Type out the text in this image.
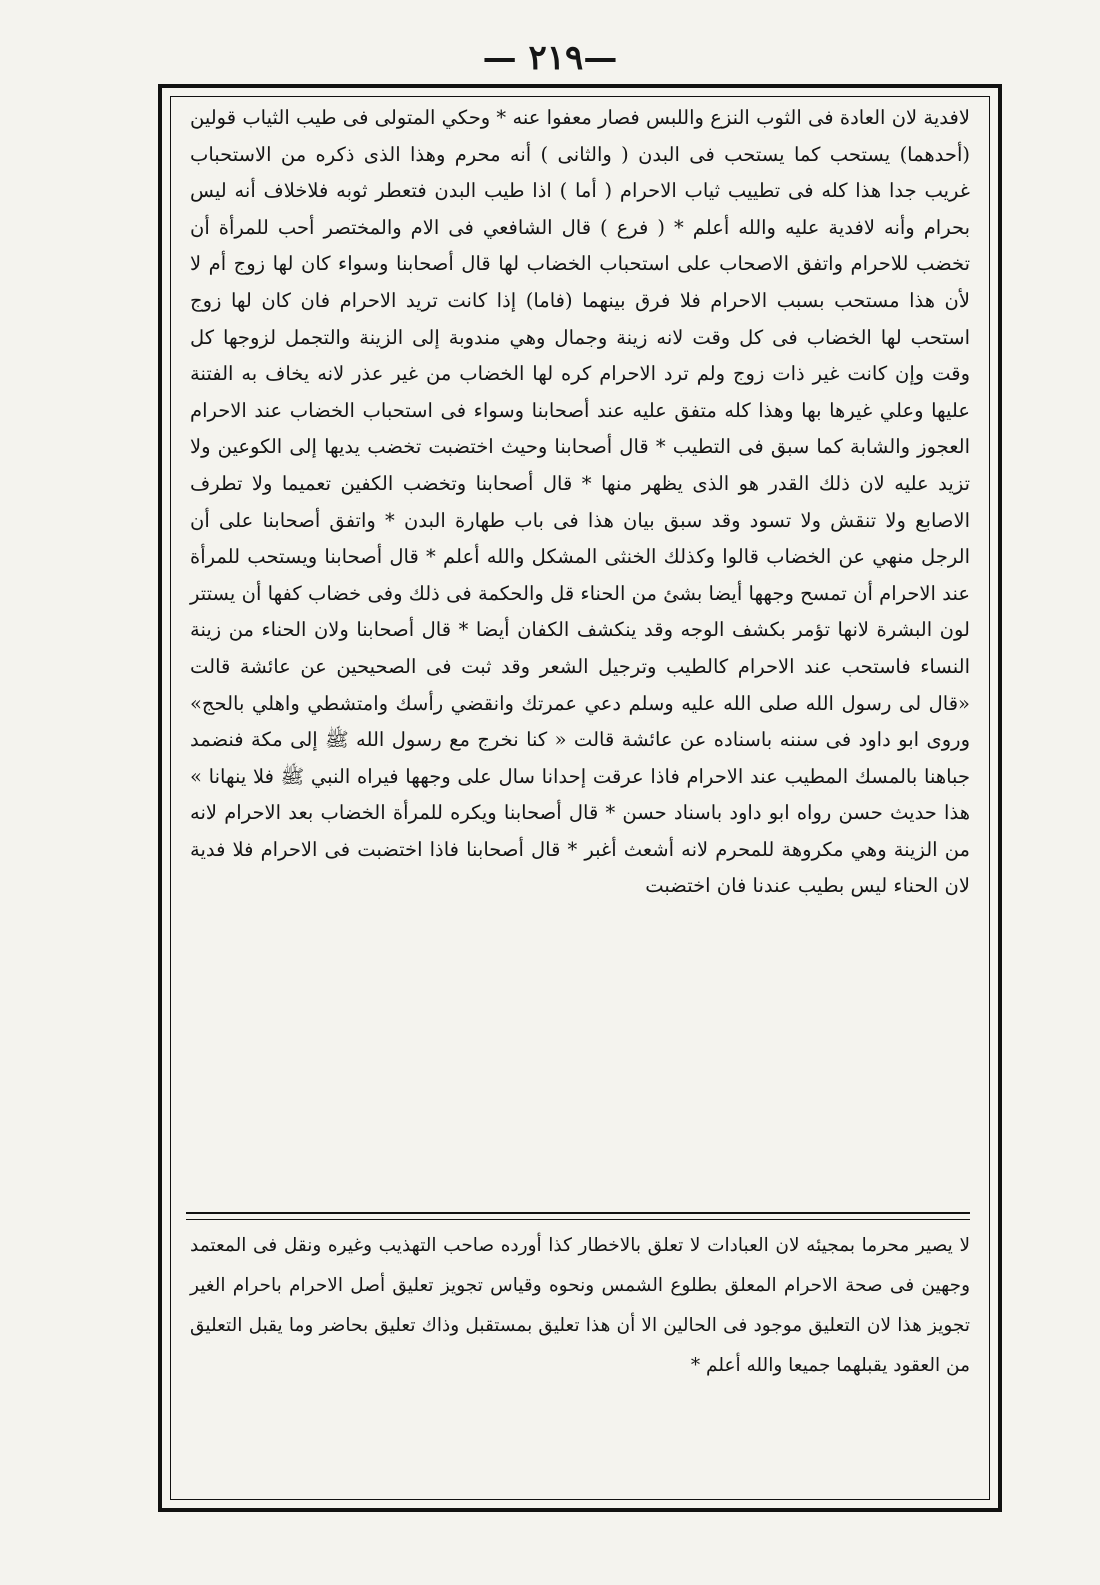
— ٢١٩—

لافدية لان العادة فى الثوب النزع واللبس فصار معفوا عنه * وحكي المتولى فى طيب الثياب قولين (أحدهما) يستحب كما يستحب فى البدن ( والثانى ) أنه محرم وهذا الذى ذكره من الاستحباب غريب جدا هذا كله فى تطييب ثياب الاحرام ( أما ) اذا طيب البدن فتعطر ثوبه فلاخلاف أنه ليس بحرام وأنه لافدية عليه والله أعلم * ( فرع ) قال الشافعي فى الام والمختصر أحب للمرأة أن تخضب للاحرام واتفق الاصحاب على استحباب الخضاب لها قال أصحابنا وسواء كان لها زوج أم لا لأن هذا مستحب بسبب الاحرام فلا فرق بينهما (فاما) إذا كانت تريد الاحرام فان كان لها زوج استحب لها الخضاب فى كل وقت لانه زينة وجمال وهي مندوبة إلى الزينة والتجمل لزوجها كل وقت وإن كانت غير ذات زوج ولم ترد الاحرام كره لها الخضاب من غير عذر لانه يخاف به الفتنة عليها وعلي غيرها بها وهذا كله متفق عليه عند أصحابنا وسواء فى استحباب الخضاب عند الاحرام العجوز والشابة كما سبق فى التطيب * قال أصحابنا وحيث اختضبت تخضب يديها إلى الكوعين ولا تزيد عليه لان ذلك القدر هو الذى يظهر منها * قال أصحابنا وتخضب الكفين تعميما ولا تطرف الاصابع ولا تنقش ولا تسود وقد سبق بيان هذا فى باب طهارة البدن * واتفق أصحابنا على أن الرجل منهي عن الخضاب قالوا وكذلك الخنثى المشكل والله أعلم * قال أصحابنا ويستحب للمرأة عند الاحرام أن تمسح وجهها أيضا بشئ من الحناء قل والحكمة فى ذلك وفى خضاب كفها أن يستتر لون البشرة لانها تؤمر بكشف الوجه وقد ينكشف الكفان أيضا * قال أصحابنا ولان الحناء من زينة النساء فاستحب عند الاحرام كالطيب وترجيل الشعر وقد ثبت فى الصحيحين عن عائشة قالت «قال لى رسول الله صلى الله عليه وسلم دعي عمرتك وانقضي رأسك وامتشطي واهلي بالحج» وروى ابو داود فى سننه باسناده عن عائشة قالت « كنا نخرج مع رسول الله ﷺ إلى مكة فنضمد جباهنا بالمسك المطيب عند الاحرام فاذا عرقت إحدانا سال على وجهها فيراه النبي ﷺ فلا ينهانا » هذا حديث حسن رواه ابو داود باسناد حسن * قال أصحابنا ويكره للمرأة الخضاب بعد الاحرام لانه من الزينة وهي مكروهة للمحرم لانه أشعث أغبر * قال أصحابنا فاذا اختضبت فى الاحرام فلا فدية لان الحناء ليس بطيب عندنا فان اختضبت

لا يصير محرما بمجيئه لان العبادات لا تعلق بالاخطار كذا أورده صاحب التهذيب وغيره ونقل فى المعتمد وجهين فى صحة الاحرام المعلق بطلوع الشمس ونحوه وقياس تجويز تعليق أصل الاحرام باحرام الغير تجويز هذا لان التعليق موجود فى الحالين الا أن هذا تعليق بمستقبل وذاك تعليق بحاضر وما يقبل التعليق من العقود يقبلهما جميعا والله أعلم *
